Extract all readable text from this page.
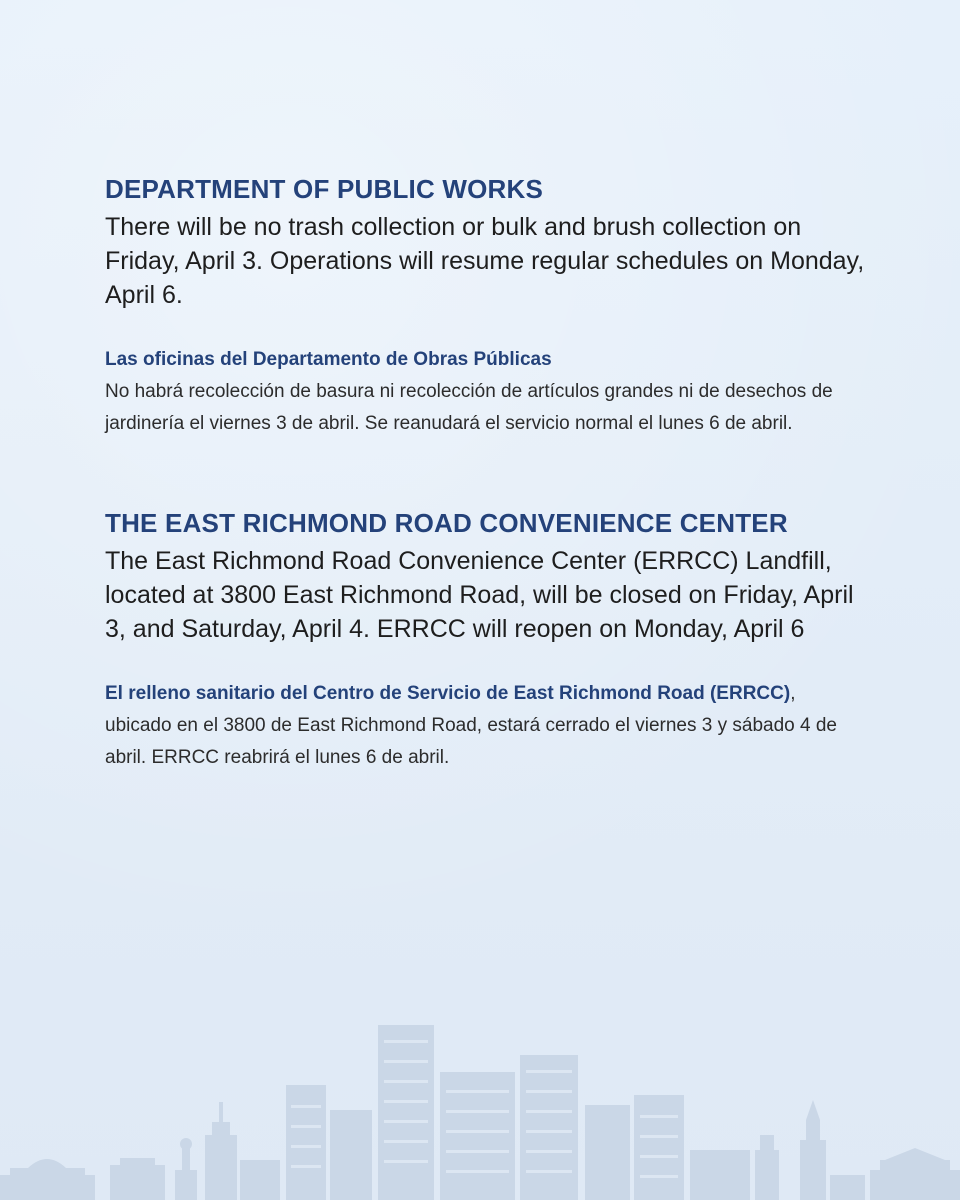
DEPARTMENT OF PUBLIC WORKS

There will be no trash collection or bulk and brush collection on Friday, April 3. Operations will resume regular schedules on Monday, April 6.

Las oficinas del Departamento de Obras Públicas
No habrá recolección de basura ni recolección de artículos grandes ni de desechos de jardinería el viernes 3 de abril. Se reanudará el servicio normal el lunes 6 de abril.
THE EAST RICHMOND ROAD CONVENIENCE CENTER

The East Richmond Road Convenience Center (ERRCC) Landfill, located at 3800 East Richmond Road, will be closed on Friday, April 3, and Saturday, April 4. ERRCC will reopen on Monday, April 6

El relleno sanitario del Centro de Servicio de East Richmond Road (ERRCC), ubicado en el 3800 de East Richmond Road, estará cerrado el viernes 3 y sábado 4 de abril. ERRCC reabrirá el lunes 6 de abril.
